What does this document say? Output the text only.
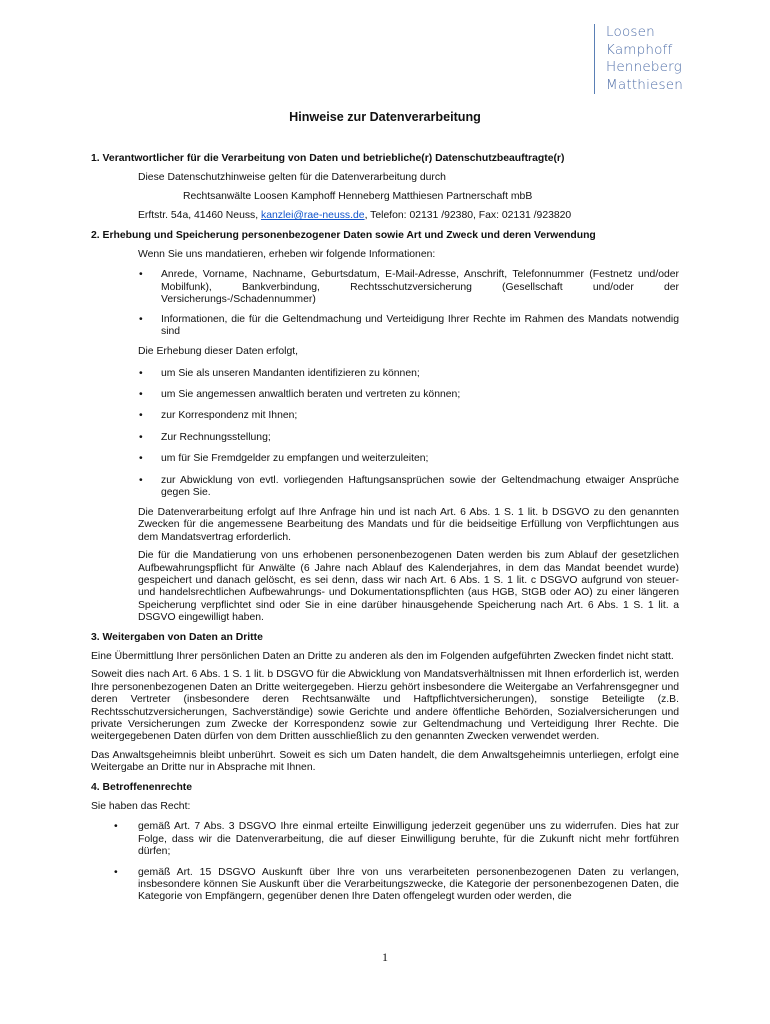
Loosen
Kamphoff
Henneberg
Matthiesen
Hinweise zur Datenverarbeitung
1. Verantwortlicher für die Verarbeitung von Daten und betriebliche(r) Datenschutzbeauftragte(r)
Diese Datenschutzhinweise gelten für die Datenverarbeitung durch
Rechtsanwälte Loosen Kamphoff Henneberg Matthiesen Partnerschaft mbB
Erftstr. 54a, 41460 Neuss, kanzlei@rae-neuss.de, Telefon: 02131 /92380, Fax: 02131 /923820
2. Erhebung und Speicherung personenbezogener Daten sowie Art und Zweck und deren Verwendung
Wenn Sie uns mandatieren, erheben wir folgende Informationen:
• Anrede, Vorname, Nachname, Geburtsdatum, E-Mail-Adresse, Anschrift, Telefonnummer (Festnetz und/oder Mobilfunk), Bankverbindung, Rechtsschutzversicherung (Gesellschaft und/oder der Versicherungs-/Schadennummer)
• Informationen, die für die Geltendmachung und Verteidigung Ihrer Rechte im Rahmen des Mandats notwendig sind
Die Erhebung dieser Daten erfolgt,
• um Sie als unseren Mandanten identifizieren zu können;
• um Sie angemessen anwaltlich beraten und vertreten zu können;
• zur Korrespondenz mit Ihnen;
• Zur Rechnungsstellung;
• um für Sie Fremdgelder zu empfangen und weiterzuleiten;
• zur Abwicklung von evtl. vorliegenden Haftungsansprüchen sowie der Geltendmachung etwaiger Ansprüche gegen Sie.
Die Datenverarbeitung erfolgt auf Ihre Anfrage hin und ist nach Art. 6 Abs. 1 S. 1 lit. b DSGVO zu den genannten Zwecken für die angemessene Bearbeitung des Mandats und für die beidseitige Erfüllung von Verpflichtungen aus dem Mandatsvertrag erforderlich.
Die für die Mandatierung von uns erhobenen personenbezogenen Daten werden bis zum Ablauf der gesetzlichen Aufbewahrungspflicht für Anwälte (6 Jahre nach Ablauf des Kalenderjahres, in dem das Mandat beendet wurde) gespeichert und danach gelöscht, es sei denn, dass wir nach Art. 6 Abs. 1 S. 1 lit. c DSGVO aufgrund von steuer- und handelsrechtlichen Aufbewahrungs- und Dokumentationspflichten (aus HGB, StGB oder AO) zu einer längeren Speicherung verpflichtet sind oder Sie in eine darüber hinausgehende Speicherung nach Art. 6 Abs. 1 S. 1 lit. a DSGVO eingewilligt haben.
3. Weitergaben von Daten an Dritte
Eine Übermittlung Ihrer persönlichen Daten an Dritte zu anderen als den im Folgenden aufgeführten Zwecken findet nicht statt.
Soweit dies nach Art. 6 Abs. 1 S. 1 lit. b DSGVO für die Abwicklung von Mandatsverhältnissen mit Ihnen erforderlich ist, werden Ihre personenbezogenen Daten an Dritte weitergegeben. Hierzu gehört insbesondere die Weitergabe an Verfahrensgegner und deren Vertreter (insbesondere deren Rechtsanwälte und Haftpflichtversicherungen), sonstige Beteiligte (z.B. Rechtsschutzversicherungen, Sachverständige) sowie Gerichte und andere öffentliche Behörden, Sozialversicherungen und private Versicherungen zum Zwecke der Korrespondenz sowie zur Geltendmachung und Verteidigung Ihrer Rechte. Die weitergegebenen Daten dürfen von dem Dritten ausschließlich zu den genannten Zwecken verwendet werden.
Das Anwaltsgeheimnis bleibt unberührt. Soweit es sich um Daten handelt, die dem Anwaltsgeheimnis unterliegen, erfolgt eine Weitergabe an Dritte nur in Absprache mit Ihnen.
4. Betroffenenrechte
Sie haben das Recht:
• gemäß Art. 7 Abs. 3 DSGVO Ihre einmal erteilte Einwilligung jederzeit gegenüber uns zu widerrufen. Dies hat zur Folge, dass wir die Datenverarbeitung, die auf dieser Einwilligung beruhte, für die Zukunft nicht mehr fortführen dürfen;
• gemäß Art. 15 DSGVO Auskunft über Ihre von uns verarbeiteten personenbezogenen Daten zu verlangen, insbesondere können Sie Auskunft über die Verarbeitungszwecke, die Kategorie der personenbezogenen Daten, die Kategorie von Empfängern, gegenüber denen Ihre Daten offengelegt wurden oder werden, die
1
